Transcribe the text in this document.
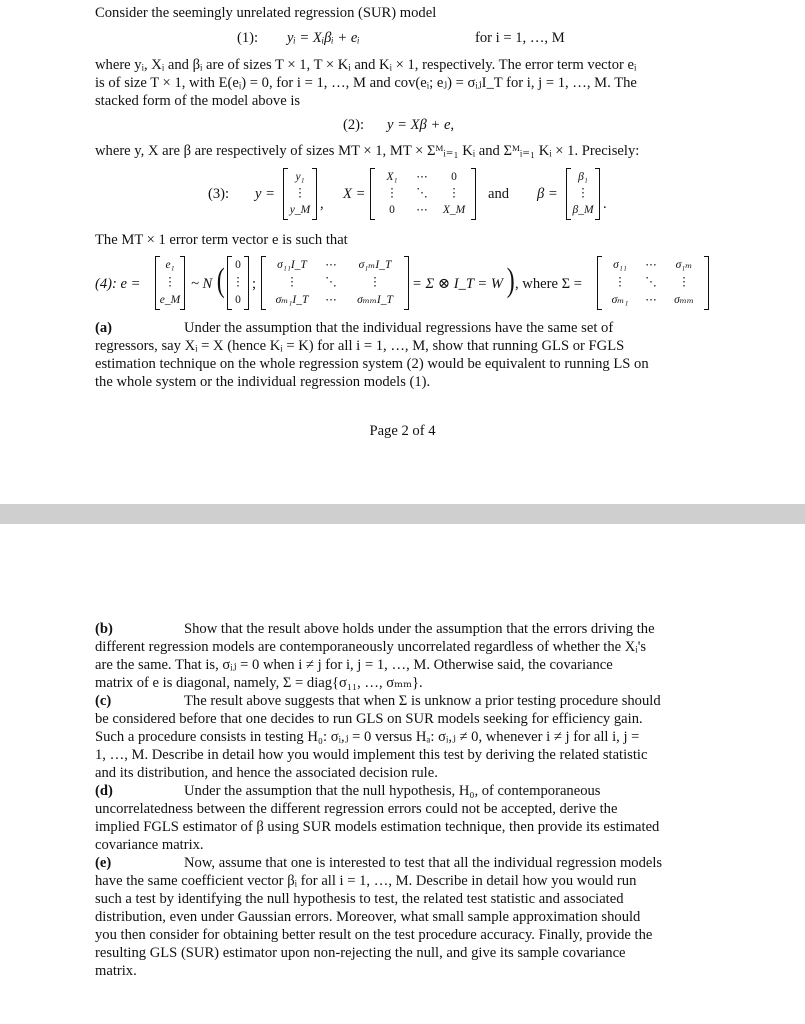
Consider the seemingly unrelated regression (SUR) model
(1): yᵢ = Xᵢβᵢ + eᵢ	for i = 1, …, M
where yᵢ, Xᵢ and βᵢ are of sizes T × 1, T × Kᵢ and Kᵢ × 1, respectively. The error term vector eᵢ
is of size T × 1, with E(eᵢ) = 0, for i = 1, …, M and cov(eᵢ; eⱼ) = σᵢⱼI_T for i, j = 1, …, M. The
stacked form of the model above is
(2): y = Xβ + e,
where y, X are β are respectively of sizes MT × 1, MT × Σᴹᵢ₌₁ Kᵢ and Σᴹᵢ₌₁ Kᵢ × 1. Precisely:
(3): y =
y₁
⋮
y_M ,
X =
X₁	⋯	0
⋮	⋱	⋮
0	⋯	X_M
and β =
β₁
⋮
β_M .
The MT × 1 error term vector e is such that
(4): e =
e₁
⋮
e_M
~ N ( 0
⋮
0
;
σ₁₁I_T	⋯	σ₁ₘI_T
⋮	⋱	⋮
σₘ₁I_T	⋯	σₘₘI_T
= Σ ⊗ I_T = W ) , where Σ =
σ₁₁	⋯	σ₁ₘ
⋮	⋱	⋮
σₘ₁	⋯	σₘₘ
(a)	Under the assumption that the individual regressions have the same set of
regressors, say Xᵢ = X (hence Kᵢ = K) for all i = 1, …, M, show that running GLS or FGLS
estimation technique on the whole regression system (2) would be equivalent to running LS on
the whole system or the individual regression models (1).
Page 2 of 4
(b)	Show that the result above holds under the assumption that the errors driving the
different regression models are contemporaneously uncorrelated regardless of whether the Xᵢ's
are the same. That is, σᵢⱼ = 0 when i ≠ j for i, j = 1, …, M. Otherwise said, the covariance
matrix of e is diagonal, namely, Σ = diag{σ₁₁, …, σₘₘ}.
(c)	The result above suggests that when Σ is unknow a prior testing procedure should
be considered before that one decides to run GLS on SUR models seeking for efficiency gain.
Such a procedure consists in testing H₀: σᵢ,ⱼ = 0 versus Hₐ: σᵢ,ⱼ ≠ 0, whenever i ≠ j for all i, j =
1, …, M. Describe in detail how you would implement this test by deriving the related statistic
and its distribution, and hence the associated decision rule.
(d)	Under the assumption that the null hypothesis, H₀, of contemporaneous
uncorrelatedness between the different regression errors could not be accepted, derive the
implied FGLS estimator of β using SUR models estimation technique, then provide its estimated
covariance matrix.
(e)	Now, assume that one is interested to test that all the individual regression models
have the same coefficient vector βᵢ for all i = 1, …, M. Describe in detail how you would run
such a test by identifying the null hypothesis to test, the related test statistic and associated
distribution, even under Gaussian errors. Moreover, what small sample approximation should
you then consider for obtaining better result on the test procedure accuracy. Finally, provide the
resulting GLS (SUR) estimator upon non-rejecting the null, and give its sample covariance
matrix.
